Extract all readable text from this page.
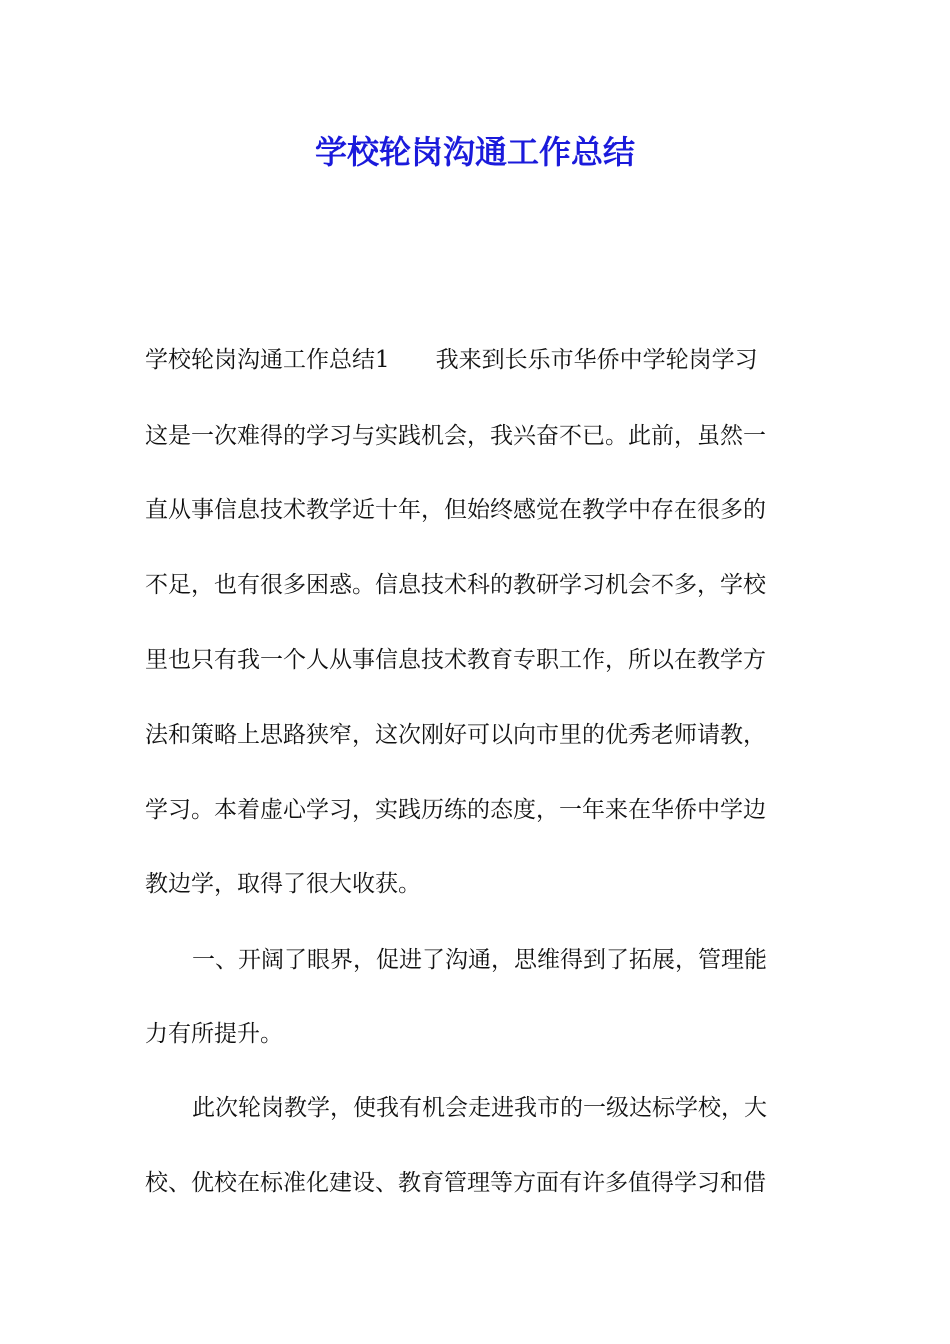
学校轮岗沟通工作总结
学校轮岗沟通工作总结1　　我来到长乐市华侨中学轮岗学习
这是一次难得的学习与实践机会，我兴奋不已。此前，虽然一
直从事信息技术教学近十年，但始终感觉在教学中存在很多的
不足，也有很多困惑。信息技术科的教研学习机会不多，学校
里也只有我一个人从事信息技术教育专职工作，所以在教学方
法和策略上思路狭窄，这次刚好可以向市里的优秀老师请教，
学习。本着虚心学习，实践历练的态度，一年来在华侨中学边
教边学，取得了很大收获。
一、开阔了眼界，促进了沟通，思维得到了拓展，管理能
力有所提升。
此次轮岗教学，使我有机会走进我市的一级达标学校，大
校、优校在标准化建设、教育管理等方面有许多值得学习和借
